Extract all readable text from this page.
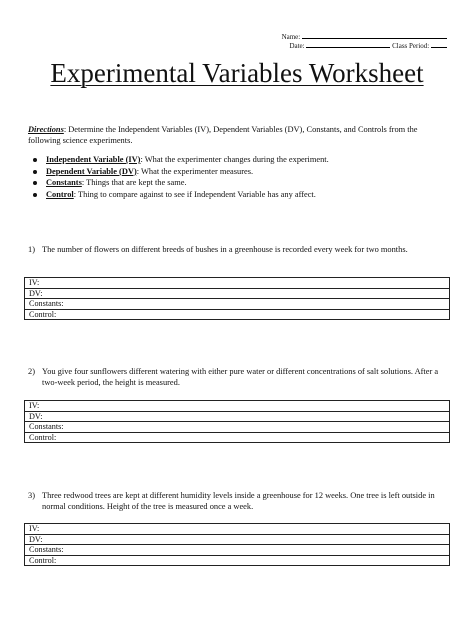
Name:
Date:	Class Period:
Experimental Variables Worksheet
Directions: Determine the Independent Variables (IV), Dependent Variables (DV), Constants, and Controls from the following science experiments.
Independent Variable (IV): What the experimenter changes during the experiment.
Dependent Variable (DV): What the experimenter measures.
Constants: Things that are kept the same.
Control: Thing to compare against to see if Independent Variable has any affect.
1) The number of flowers on different breeds of bushes in a greenhouse is recorded every week for two months.
IV:
DV:
Constants:
Control:
2) You give four sunflowers different watering with either pure water or different concentrations of salt solutions. After a two-week period, the height is measured.
IV:
DV:
Constants:
Control:
3) Three redwood trees are kept at different humidity levels inside a greenhouse for 12 weeks. One tree is left outside in normal conditions. Height of the tree is measured once a week.
IV:
DV:
Constants:
Control:
